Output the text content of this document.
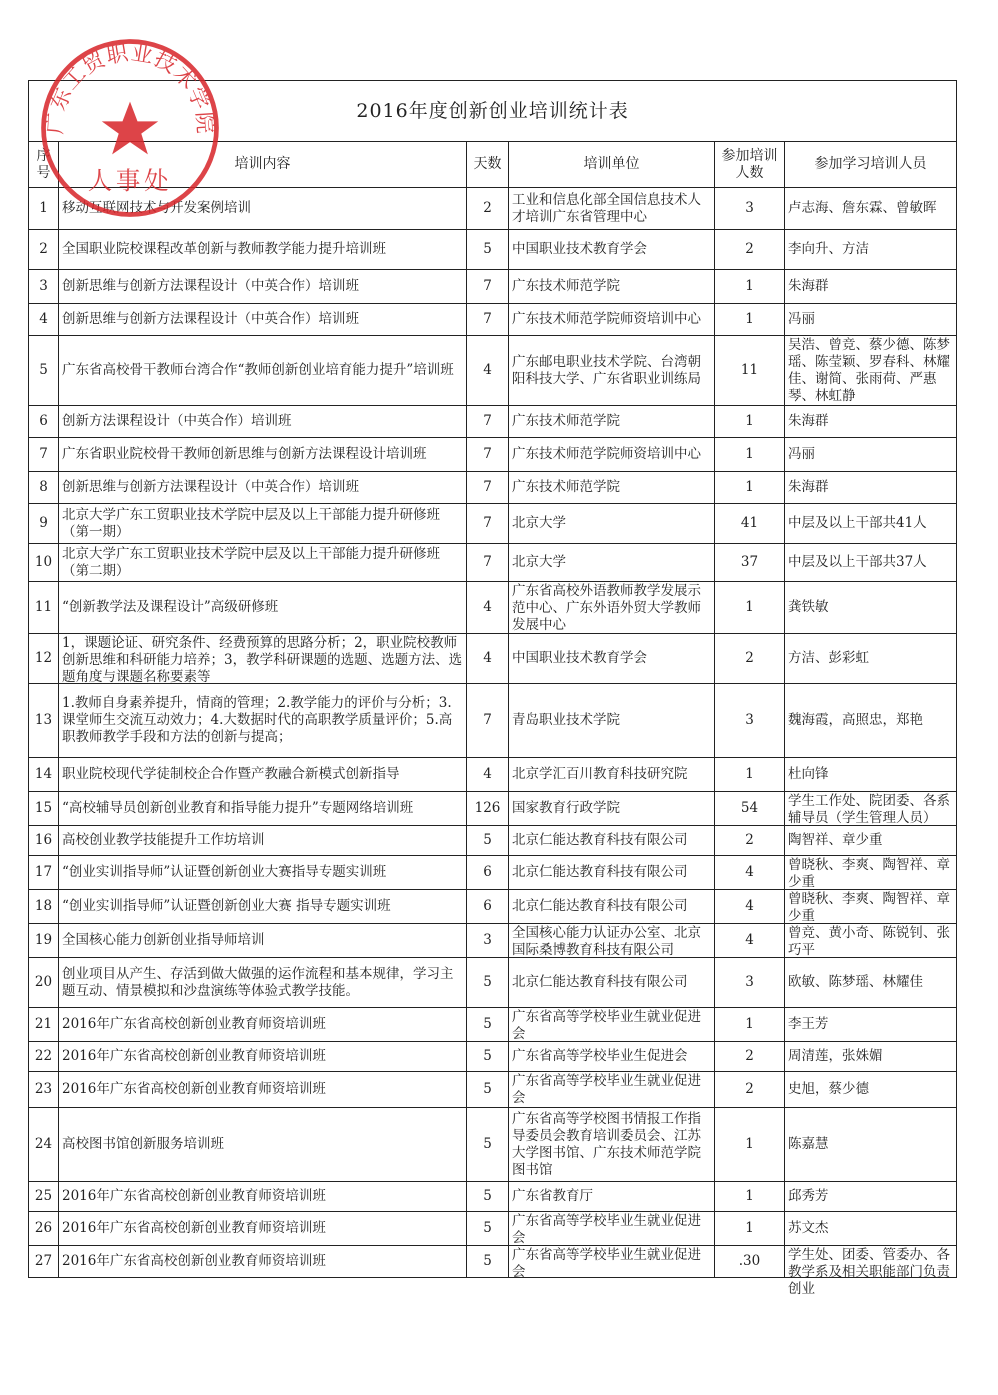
2016年度创新创业培训统计表					
序号	培训内容	天数	培训单位	参加培训人数	参加学习培训人员

1	移动互联网技术与开发案例培训	2	工业和信息化部全国信息技术人才培训广东省管理中心	3	卢志海、詹东霖、曾敏晖

2	全国职业院校课程改革创新与教师教学能力提升培训班	5	中国职业技术教育学会	2	李向升、方洁

3	创新思维与创新方法课程设计（中英合作）培训班	7	广东技术师范学院	1	朱海群

4	创新思维与创新方法课程设计（中英合作）培训班	7	广东技术师范学院师资培训中心	1	冯丽

5	广东省高校骨干教师台湾合作“教师创新创业培育能力提升”培训班	4	广东邮电职业技术学院、台湾朝阳科技大学、广东省职业训练局	11	吴浩、曾竞、蔡少德、陈梦瑶、陈莹颖、罗春科、林耀佳、谢简、张雨荷、严惠琴、林虹静

6	创新方法课程设计（中英合作）培训班	7	广东技术师范学院	1	朱海群

7	广东省职业院校骨干教师创新思维与创新方法课程设计培训班	7	广东技术师范学院师资培训中心	1	冯丽

8	创新思维与创新方法课程设计（中英合作）培训班	7	广东技术师范学院	1	朱海群

9	北京大学广东工贸职业技术学院中层及以上干部能力提升研修班（第一期）	7	北京大学	41	中层及以上干部共41人

10	北京大学广东工贸职业技术学院中层及以上干部能力提升研修班（第二期）	7	北京大学	37	中层及以上干部共37人

11	“创新教学法及课程设计”高级研修班	4	广东省高校外语教师教学发展示范中心、广东外语外贸大学教师发展中心	1	龚铁敏

12	1，课题论证、研究条件、经费预算的思路分析；2，职业院校教师创新思维和科研能力培养；3，教学科研课题的选题、选题方法、选题角度与课题名称要素等	4	中国职业技术教育学会	2	方洁、彭彩虹

13	1.教师自身素养提升，情商的管理；2.教学能力的评价与分析；3.课堂师生交流互动效力；4.大数据时代的高职教学质量评价；5.高职教师教学手段和方法的创新与提高；	7	青岛职业技术学院	3	魏海霞，高照忠，郑艳

14	职业院校现代学徒制校企合作暨产教融合新模式创新指导	4	北京学汇百川教育科技研究院	1	杜向锋

15	“高校辅导员创新创业教育和指导能力提升”专题网络培训班	126	国家教育行政学院	54	学生工作处、院团委、各系辅导员（学生管理人员）

16	高校创业教学技能提升工作坊培训	5	北京仁能达教育科技有限公司	2	陶智祥、章少重

17	“创业实训指导师”认证暨创新创业大赛指导专题实训班	6	北京仁能达教育科技有限公司	4	曾晓秋、李爽、陶智祥、章少重

18	“创业实训指导师”认证暨创新创业大赛 指导专题实训班	6	北京仁能达教育科技有限公司	4	曾晓秋、李爽、陶智祥、章少重

19	全国核心能力创新创业指导师培训	3	全国核心能力认证办公室、北京国际桑博教育科技有限公司	4	曾竞、黄小奇、陈锐钊、张巧平

20	创业项目从产生、存活到做大做强的运作流程和基本规律，学习主题互动、情景模拟和沙盘演练等体验式教学技能。	5	北京仁能达教育科技有限公司	3	欧敏、陈梦瑶、林耀佳

21	2016年广东省高校创新创业教育师资培训班	5	广东省高等学校毕业生就业促进会	1	李王芳

22	2016年广东省高校创新创业教育师资培训班	5	广东省高等学校毕业生促进会	2	周清莲，张姝媚

23	2016年广东省高校创新创业教育师资培训班	5	广东省高等学校毕业生就业促进会	2	史旭，蔡少德

24	高校图书馆创新服务培训班	5	广东省高等学校图书情报工作指导委员会教育培训委员会、江苏大学图书馆、广东技术师范学院图书馆	1	陈嘉慧

25	2016年广东省高校创新创业教育师资培训班	5	广东省教育厅	1	邱秀芳

26	2016年广东省高校创新创业教育师资培训班	5	广东省高等学校毕业生就业促进会	1	苏文杰

27	2016年广东省高校创新创业教育师资培训班	5	广东省高等学校毕业生就业促进会	.30	学生处、团委、管委办、各教学系及相关职能部门负责创业
广东工贸职业技术学院
人事处
